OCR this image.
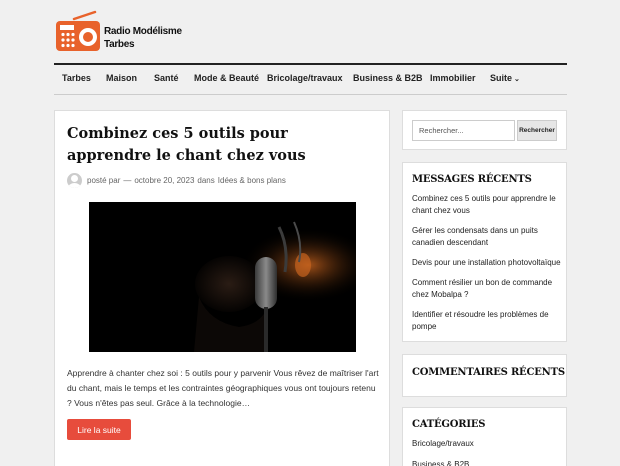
Radio Modélisme
Tarbes
Tarbes Maison Santé Mode & Beauté Bricolage/travaux Business & B2B Immobilier Suite ⌄
Combinez ces 5 outils pour apprendre le chant chez vous
posté par — octobre 20, 2023 dans Idées & bons plans

Apprendre à chanter chez soi : 5 outils pour y parvenir Vous rêvez de maîtriser l'art du chant, mais le temps et les contraintes géographiques vous ont toujours retenu ? Vous n'êtes pas seul. Grâce à la technologie…

Lire la suite
Rechercher...
Rechercher
MESSAGES RÉCENTS
Combinez ces 5 outils pour apprendre le chant chez vous
Gérer les condensats dans un puits canadien descendant
Devis pour une installation photovoltaïque
Comment résilier un bon de commande chez Mobalpa ?
Identifier et résoudre les problèmes de pompe
COMMENTAIRES RÉCENTS
CATÉGORIES
Bricolage/travaux
Business & B2B
